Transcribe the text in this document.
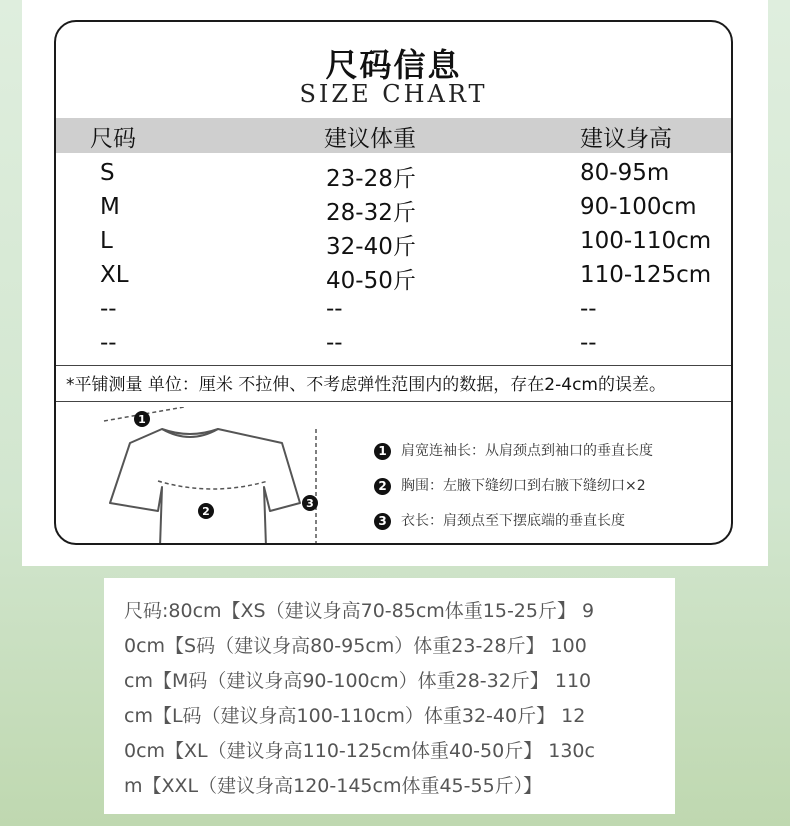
尺码信息
SIZE CHART
尺码	建议体重	建议身高
S	23-28斤	80-95m
M	28-32斤	90-100cm
L	32-40斤	100-110cm
XL	40-50斤	110-125cm
--	--	--
--	--	--
*平铺测量 单位：厘米 不拉伸、不考虑弹性范围内的数据，存在2-4cm的误差。
1
2
3
1 肩宽连袖长：从肩颈点到袖口的垂直长度
2 胸围：左腋下缝纫口到右腋下缝纫口×2
3 衣长：肩颈点至下摆底端的垂直长度
尺码:80cm【XS（建议身高70-85cm体重15-25斤】 9
0cm【S码（建议身高80-95cm）体重23-28斤】 100
cm【M码（建议身高90-100cm）体重28-32斤】 110
cm【L码（建议身高100-110cm）体重32-40斤】 12
0cm【XL（建议身高110-125cm体重40-50斤】 130c
m【XXL（建议身高120-145cm体重45-55斤）】
